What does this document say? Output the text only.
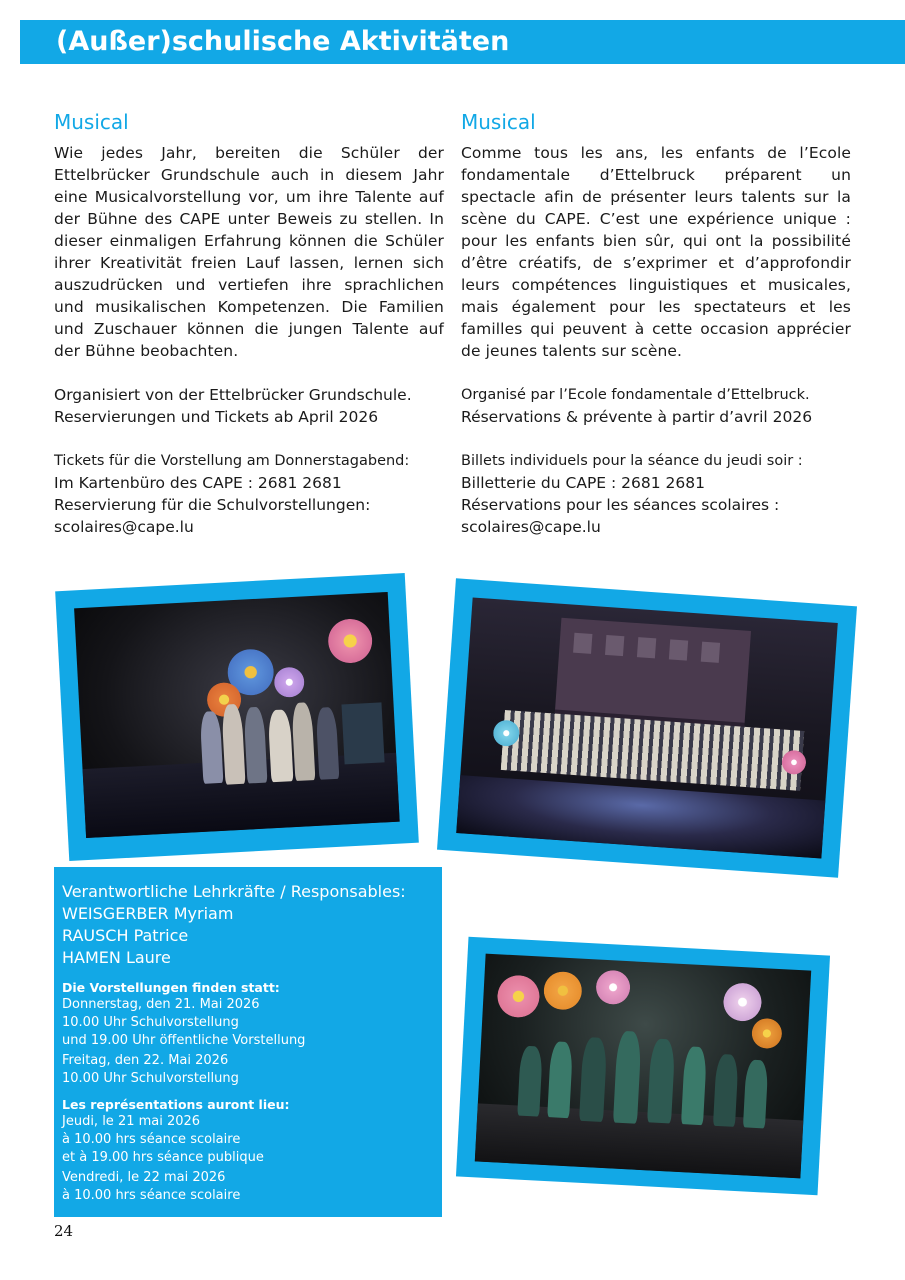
(Außer)schulische Aktivitäten
Musical
Wie jedes Jahr, bereiten die Schüler der Ettelbrücker Grundschule auch in diesem Jahr eine Musicalvorstellung vor, um ihre Talente auf der Bühne des CAPE unter Beweis zu stellen. In dieser einmaligen Erfahrung können die Schüler ihrer Kreativität freien Lauf lassen, lernen sich auszudrücken und vertiefen ihre sprachlichen und musikalischen Kompetenzen. Die Familien und Zuschauer können die jungen Talente auf der Bühne beobachten.
Organisiert von der Ettelbrücker Grundschule.
Reservierungen und Tickets ab April 2026
Tickets für die Vorstellung am Donnerstagabend:
Im Kartenbüro des CAPE : 2681 2681
Reservierung für die Schulvorstellungen:
scolaires@cape.lu
Musical
Comme tous les ans, les enfants de l’Ecole fondamentale d’Ettelbruck préparent un spectacle afin de présenter leurs talents sur la scène du CAPE. C’est une expérience unique : pour les enfants bien sûr, qui ont la possibilité d’être créatifs, de s’exprimer et d’approfondir leurs compétences linguistiques et musicales, mais également pour les spectateurs et les familles qui peuvent à cette occasion apprécier de jeunes talents sur scène.
Organisé par l’Ecole fondamentale d’Ettelbruck.
Réservations & prévente à partir d’avril 2026
Billets individuels pour la séance du jeudi soir :
Billetterie du CAPE : 2681 2681
Réservations pour les séances scolaires :
scolaires@cape.lu
Verantwortliche Lehrkräfte / Responsables:
WEISGERBER Myriam
RAUSCH Patrice
HAMEN Laure
Die Vorstellungen finden statt:
Donnerstag, den 21. Mai 2026
10.00 Uhr Schulvorstellung
und 19.00 Uhr öffentliche Vorstellung
Freitag, den 22. Mai 2026
10.00 Uhr Schulvorstellung
Les représentations auront lieu:
Jeudi, le 21 mai 2026
à 10.00 hrs séance scolaire
et à 19.00 hrs séance publique
Vendredi, le 22 mai 2026
à 10.00 hrs séance scolaire
24
